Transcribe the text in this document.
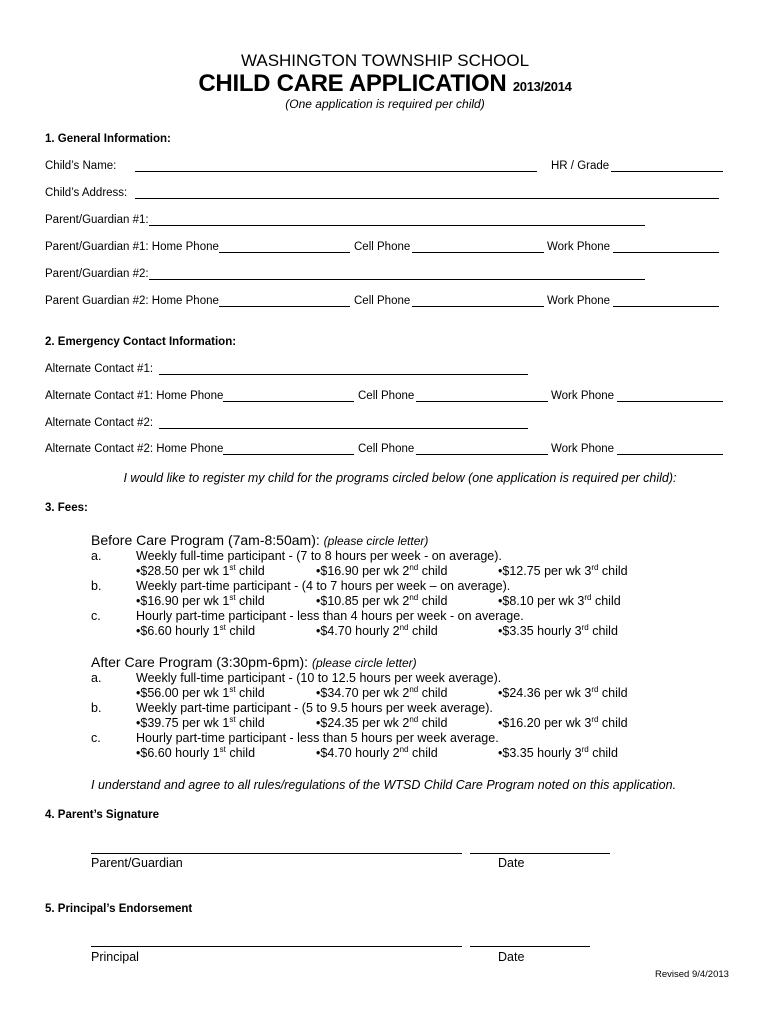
WASHINGTON TOWNSHIP SCHOOL
CHILD CARE APPLICATION 2013/2014
(One application is required per child)
1. General Information:
Child’s Name:	HR / Grade
Child’s Address:
Parent/Guardian #1:
Parent/Guardian #1: Home Phone	Cell Phone	Work Phone
Parent/Guardian #2:
Parent Guardian #2: Home Phone	Cell Phone	Work Phone
2. Emergency Contact Information:
Alternate Contact #1:
Alternate Contact #1: Home Phone	Cell Phone	Work Phone
Alternate Contact #2:
Alternate Contact #2: Home Phone	Cell Phone	Work Phone
I would like to register my child for the programs circled below (one application is required per child):
3. Fees:
Before Care Program (7am-8:50am): (please circle letter)
a.	Weekly full-time participant - (7 to 8 hours per week - on average).
•$28.50 per wk 1st child	•$16.90 per wk 2nd child	•$12.75 per wk 3rd child
b.	Weekly part-time participant - (4 to 7 hours per week – on average).
•$16.90 per wk 1st child	•$10.85 per wk 2nd child	•$8.10 per wk 3rd child
c.	Hourly part-time participant - less than 4 hours per week - on average.
•$6.60 hourly 1st child	•$4.70 hourly 2nd child	•$3.35 hourly 3rd child
After Care Program (3:30pm-6pm): (please circle letter)
a.	Weekly full-time participant - (10 to 12.5 hours per week average).
•$56.00 per wk 1st child	•$34.70 per wk 2nd child	•$24.36 per wk 3rd child
b.	Weekly part-time participant - (5 to 9.5 hours per week average).
•$39.75 per wk 1st child	•$24.35 per wk 2nd child	•$16.20 per wk 3rd child
c.	Hourly part-time participant - less than 5 hours per week average.
•$6.60 hourly 1st child	•$4.70 hourly 2nd child	•$3.35 hourly 3rd child
I understand and agree to all rules/regulations of the WTSD Child Care Program noted on this application.
4. Parent’s Signature
Parent/Guardian	Date
5. Principal’s Endorsement
Principal	Date
Revised 9/4/2013
